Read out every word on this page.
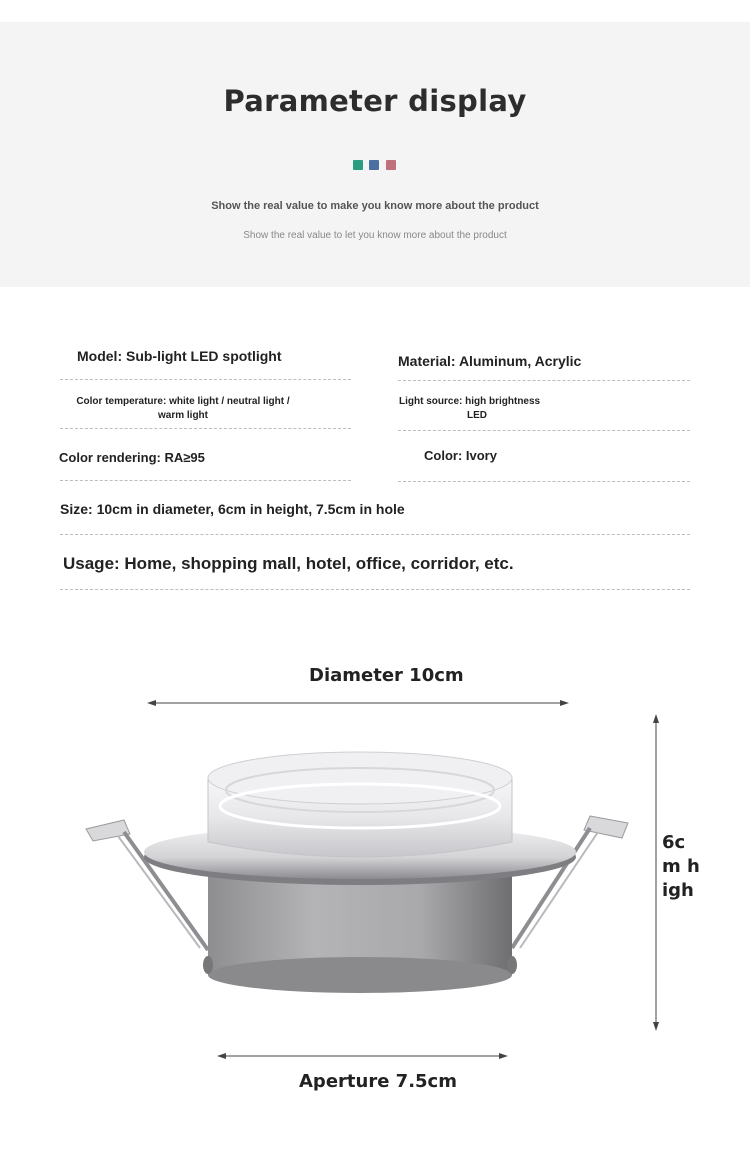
Parameter display
Show the real value to make you know more about the product
Show the real value to let you know more about the product
Model: Sub-light LED spotlight	Material: Aluminum, Acrylic
Color temperature: white light / neutral light /
warm light
Light source: high brightness
LED
Color rendering: RA≥95	Color: Ivory
Size: 10cm in diameter, 6cm in height, 7.5cm in hole
Usage: Home, shopping mall, hotel, office, corridor, etc.
Diameter 10cm
6c
m h
igh
Aperture 7.5cm
